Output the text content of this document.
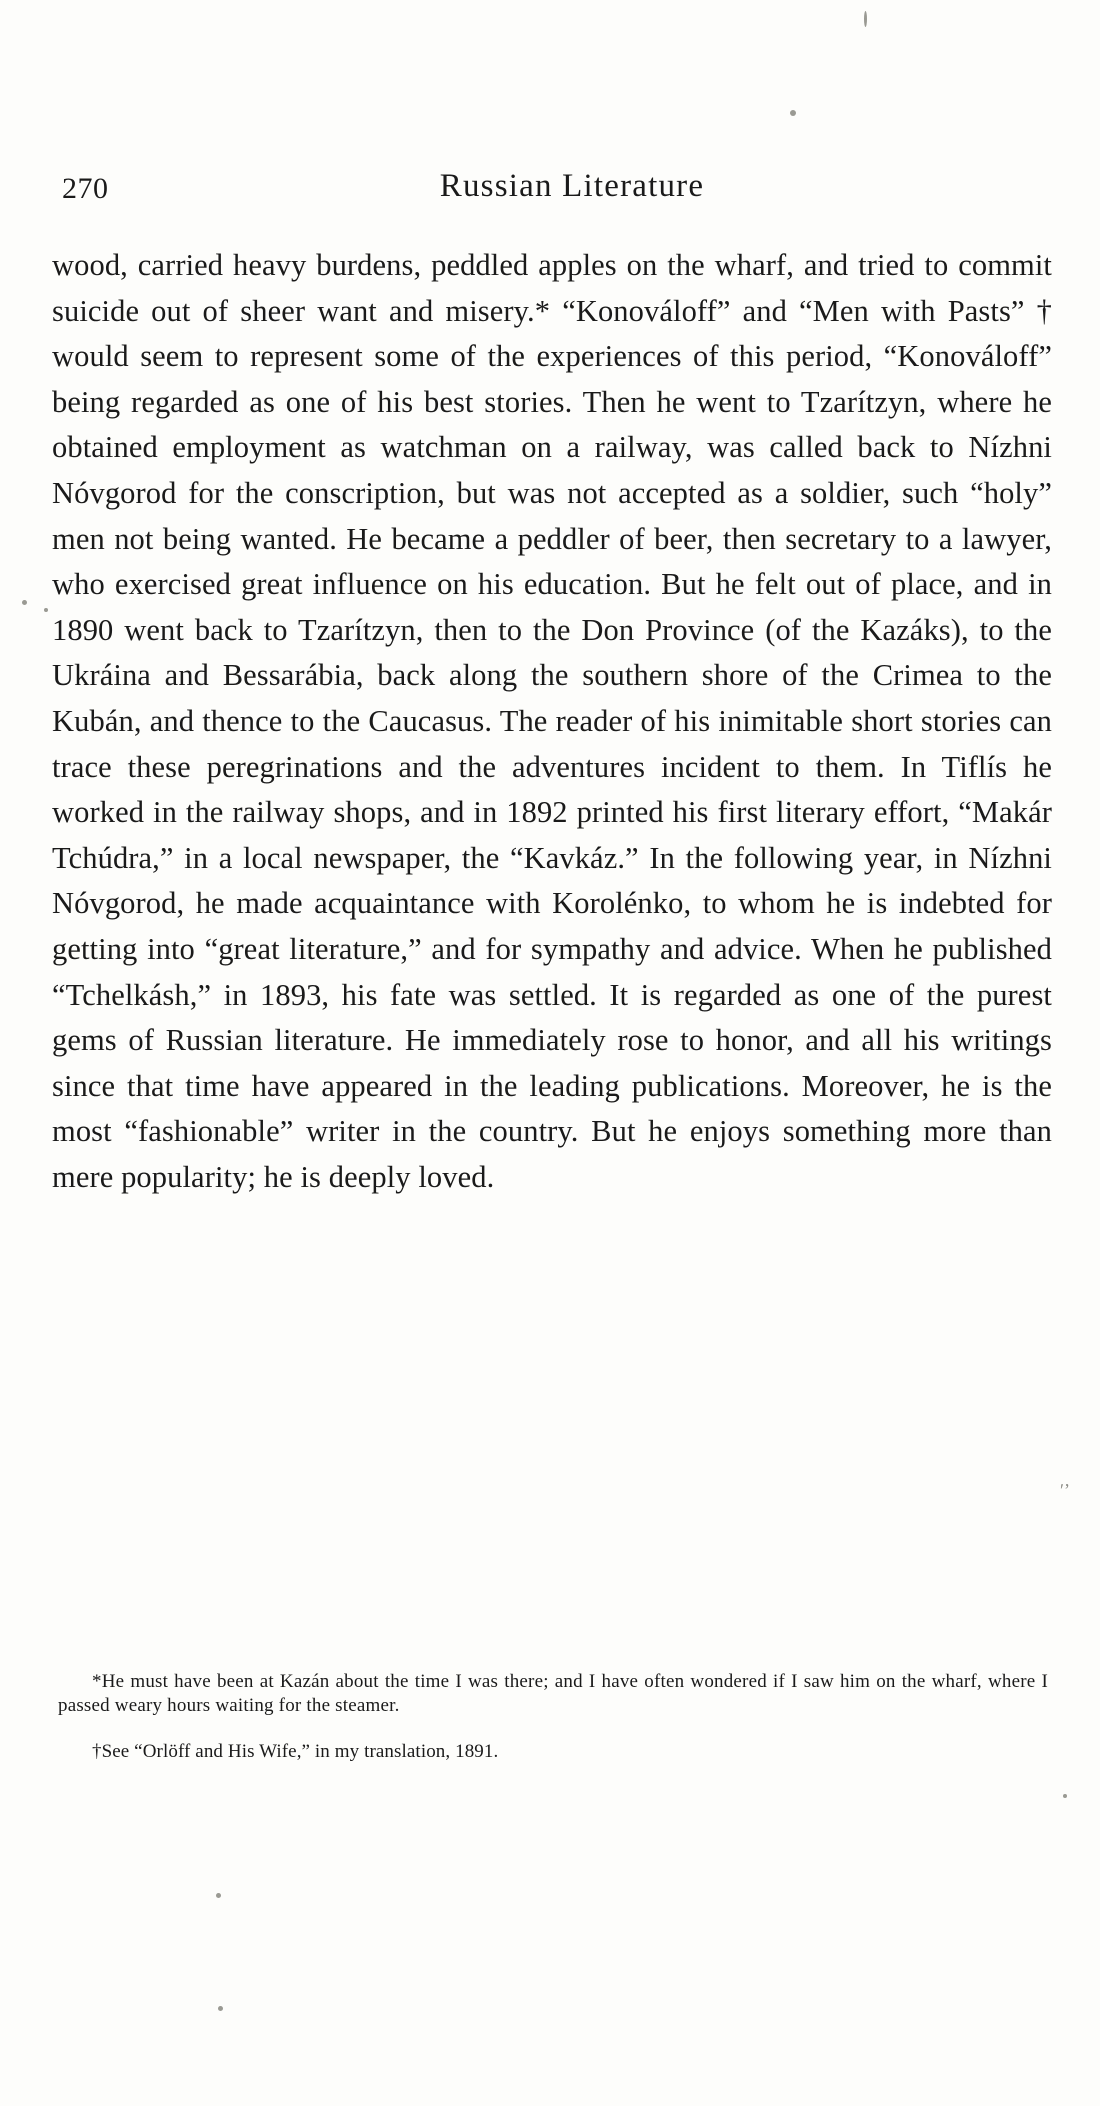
ʹ’
270	Russian Literature

wood, carried heavy burdens, peddled apples on the wharf, and tried to commit suicide out of sheer want and misery.* “Konováloff” and “Men with Pasts” † would seem to represent some of the experiences of this period, “Konováloff” being regarded as one of his best stories. Then he went to Tzarítzyn, where he obtained employment as watchman on a railway, was called back to Nízhni Nóvgorod for the conscription, but was not accepted as a soldier, such “holy” men not being wanted. He became a peddler of beer, then secretary to a lawyer, who exercised great influence on his education. But he felt out of place, and in 1890 went back to Tzarítzyn, then to the Don Province (of the Kazáks), to the Ukráina and Bessarábia, back along the southern shore of the Crimea to the Kubán, and thence to the Caucasus. The reader of his inimitable short stories can trace these peregrinations and the adventures incident to them. In Tiflís he worked in the railway shops, and in 1892 printed his first literary effort, “Makár Tchúdra,” in a local newspaper, the “Kavkáz.” In the following year, in Nízhni Nóvgorod, he made acquaintance with Korolénko, to whom he is indebted for getting into “great literature,” and for sympathy and advice. When he published “Tchelkásh,” in 1893, his fate was settled. It is regarded as one of the purest gems of Russian literature. He immediately rose to honor, and all his writings since that time have appeared in the leading publications. Moreover, he is the most “fashionable” writer in the country. But he enjoys something more than mere popularity; he is deeply loved.

*He must have been at Kazán about the time I was there; and I have often wondered if I saw him on the wharf, where I passed weary hours waiting for the steamer.
†See “Orlöff and His Wife,” in my translation, 1891.
